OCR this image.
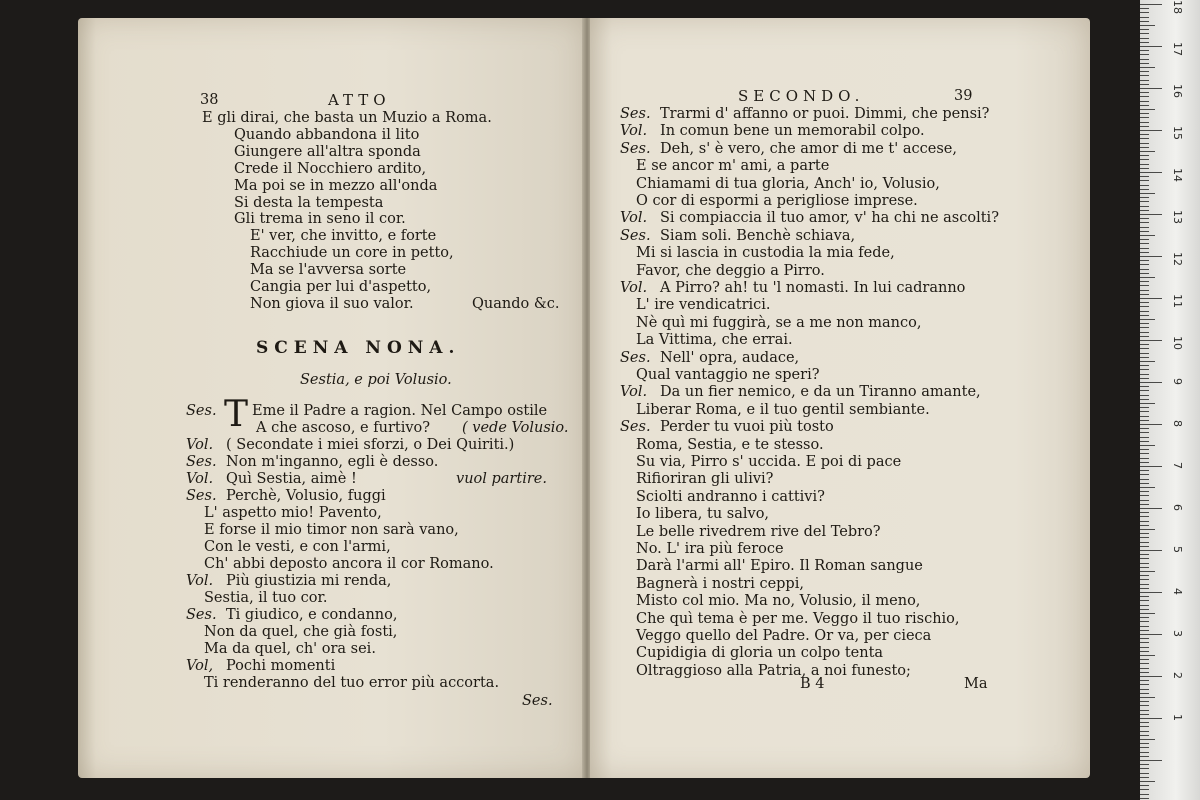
38	ATTO
E gli dirai, che basta un Muzio a Roma.
Quando abbandona il lito
Giungere all'altra sponda
Crede il Nocchiero ardito,
Ma poi se in mezzo all'onda
Si desta la tempesta
Gli trema in seno il cor.
E' ver, che invitto, e forte
Racchiude un core in petto,
Ma se l'avversa sorte
Cangia per lui d'aspetto,
Non giova il suo valor.	Quando &c.
SCENA NONA.
Sestia, e poi Volusio.
Ses. T Eme il Padre a ragion. Nel Campo ostile
A che ascoso, e furtivo? ( vede Volusio.
Vol. ( Secondate i miei sforzi, o Dei Quiriti.)
Ses. Non m'inganno, egli è desso.
Vol. Quì Sestia, aimè !	vuol partire.
Ses. Perchè, Volusio, fuggi
L' aspetto mio! Pavento,
E forse il mio timor non sarà vano,
Con le vesti, e con l'armi,
Ch' abbi deposto ancora il cor Romano.
Vol. Più giustizia mi renda,
Sestia, il tuo cor.
Ses. Ti giudico, e condanno,
Non da quel, che già fosti,
Ma da quel, ch' ora sei.
Vol, Pochi momenti
Ti renderanno del tuo error più accorta.
Ses.
SECONDO.	39
Ses. Trarmi d' affanno or puoi. Dimmi, che pensi?
Vol. In comun bene un memorabil colpo.
Ses. Deh, s' è vero, che amor di me t' accese,
E se ancor m' ami, a parte
Chiamami di tua gloria, Anch' io, Volusio,
O cor di espormi a perigliose imprese.
Vol. Si compiaccia il tuo amor, v' ha chi ne ascolti?
Ses. Siam soli. Benchè schiava,
Mi si lascia in custodia la mia fede,
Favor, che deggio a Pirro.
Vol. A Pirro? ah! tu 'l nomasti. In lui cadranno
L' ire vendicatrici.
Nè quì mi fuggirà, se a me non manco,
La Vittima, che errai.
Ses. Nell' opra, audace,
Qual vantaggio ne speri?
Vol. Da un fier nemico, e da un Tiranno amante,
Liberar Roma, e il tuo gentil sembiante.
Ses. Perder tu vuoi più tosto
Roma, Sestia, e te stesso.
Su via, Pirro s' uccida. E poi di pace
Rifioriran gli ulivi?
Sciolti andranno i cattivi?
Io libera, tu salvo,
Le belle rivedrem rive del Tebro?
No. L' ira più feroce
Darà l'armi all' Epiro. Il Roman sangue
Bagnerà i nostri ceppi,
Misto col mio. Ma no, Volusio, il meno,
Che quì tema è per me. Veggo il tuo rischio,
Veggo quello del Padre. Or va, per cieca
Cupidigia di gloria un colpo tenta
Oltraggioso alla Patria, a noi funesto;
B 4	Ma
18
17
16
15
14
13
12
11
10
9
8
7
6
5
4
3
2
1
